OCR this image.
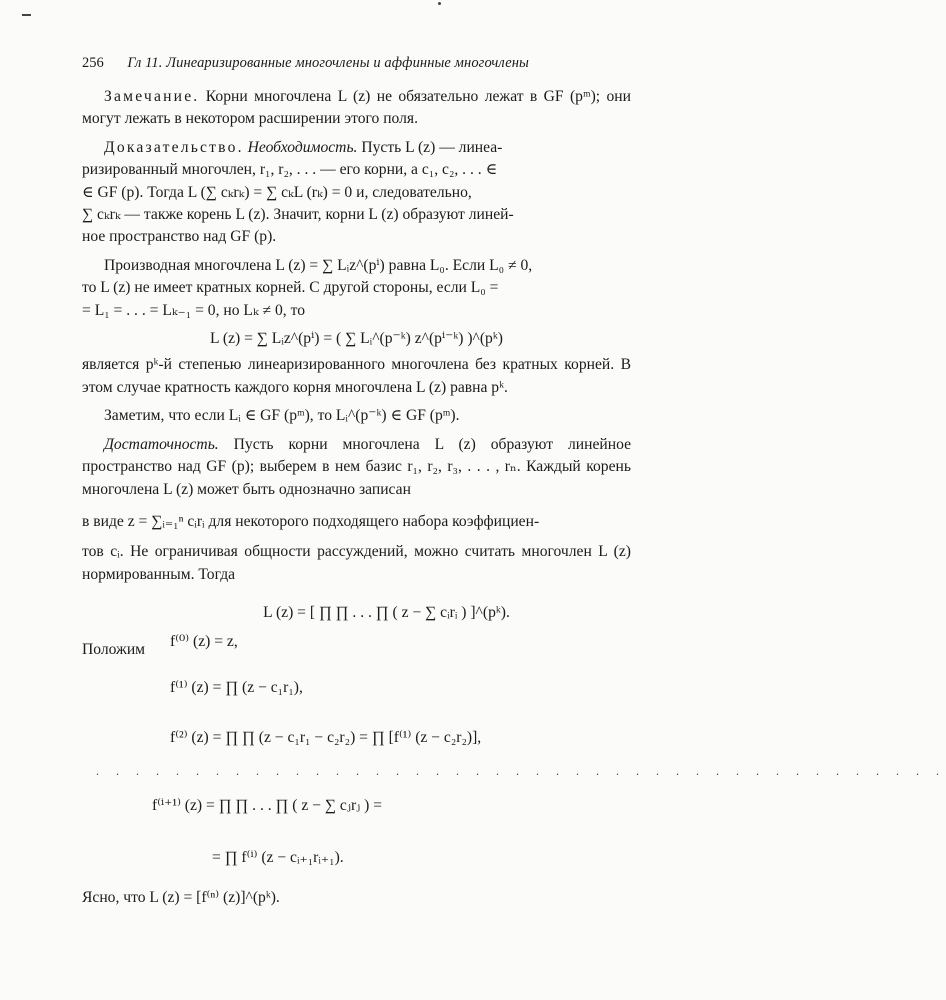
256 Гл 11. Линеаризированные многочлены и аффинные многочлены

Замечание. Корни многочлена L (z) не обязательно лежат в GF (pᵐ); они могут лежать в некотором расширении этого поля.

Доказательство. Необходимость. Пусть L (z) — линеа-
ризированный многочлен, r₁, r₂, . . . — его корни, а c₁, c₂, . . . ∈
∈ GF (p). Тогда L (∑ cₖrₖ) = ∑ cₖL (rₖ) = 0 и, следовательно,
∑ cₖrₖ — также корень L (z). Значит, корни L (z) образуют линей-
ное пространство над GF (p).
Производная многочлена L (z) = ∑ Lᵢz^(pⁱ) равна L₀. Если L₀ ≠ 0,
то L (z) не имеет кратных корней. С другой стороны, если L₀ =
= L₁ = . . . = Lₖ₋₁ = 0, но Lₖ ≠ 0, то
L (z) = ∑ Lᵢz^(pⁱ) = ( ∑ Lᵢ^(p⁻ᵏ) z^(pⁱ⁻ᵏ) )^(pᵏ)

является pᵏ-й степенью линеаризированного многочлена без кратных корней. В этом случае кратность каждого корня многочлена L (z) равна pᵏ.

Заметим, что если Lᵢ ∈ GF (pᵐ), то Lᵢ^(p⁻ᵏ) ∈ GF (pᵐ).

Достаточность. Пусть корни многочлена L (z) образуют линейное пространство над GF (p); выберем в нем базис r₁, r₂, r₃, . . . , rₙ. Каждый корень многочлена L (z) может быть однозначно записан

в виде z = ∑ᵢ₌₁ⁿ cᵢrᵢ для некоторого подходящего набора коэффициен-

тов cᵢ. Не ограничивая общности рассуждений, можно считать многочлен L (z) нормированным. Тогда

L (z) = [ ∏ ∏ . . . ∏ ( z − ∑ cᵢrᵢ ) ]^(pᵏ).
Положим	f⁽⁰⁾ (z) = z,
f⁽¹⁾ (z) = ∏ (z − c₁r₁),
f⁽²⁾ (z) = ∏ ∏ (z − c₁r₁ − c₂r₂) = ∏ [f⁽¹⁾ (z − c₂r₂)],
. . . . . . . . . . . . . . . . . . . . . . . . . . . . . . . . . . . . . . . . . . .
f⁽ⁱ⁺¹⁾ (z) = ∏ ∏ . . . ∏ ( z − ∑ cⱼrⱼ ) =
= ∏ f⁽ⁱ⁾ (z − cᵢ₊₁rᵢ₊₁).
Ясно, что L (z) = [f⁽ⁿ⁾ (z)]^(pᵏ).
